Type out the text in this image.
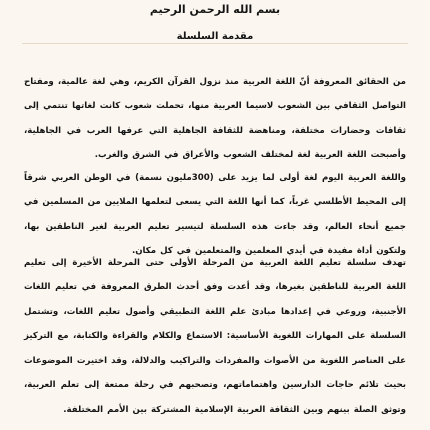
بسم الله الرحمن الرحيم
مقدمة السلسلة

من الحقائق المعروفة أنّ اللغة العربية منذ نزول القرآن الكريم، وهي لغة عالمية، ومفتاح التواصل الثقافي بين الشعوب لاسيما العربية منها، تحملت شعوب كانت لغاتها تنتمي إلى ثقافات وحضارات مختلفة، ومناهضة للثقافة الجاهلية التي عرفها العرب في الجاهلية، وأصبحت اللغة العربية لغة لمختلف الشعوب والأعراق في الشرق والغرب.

واللغة العربية اليوم لغة أولى لما يزيد على (300مليون نسمة) في الوطن العربي شرقاً إلى المحيط الأطلسي غرباً، كما أنها اللغة التي يسعى لتعلمها الملايين من المسلمين في جميع أنحاء العالم، وقد جاءت هذه السلسلة لتيسير تعليم العربية لغير الناطقين بها، ولتكون أداة مفيدة في أيدي المعلمين والمتعلمين في كل مكان.

تهدف سلسلة تعليم اللغة العربية من المرحلة الأولى حتى المرحلة الأخيرة إلى تعليم اللغة العربية للناطقين بغيرها، وقد أعدت وفق أحدث الطرق المعروفة في تعليم اللغات الأجنبية، وروعي في إعدادها مبادئ علم اللغة التطبيقي وأصول تعليم اللغات، وتشتمل السلسلة على المهارات اللغوية الأساسية: الاستماع والكلام والقراءة والكتابة، مع التركيز على العناصر اللغوية من الأصوات والمفردات والتراكيب والدلالة، وقد اختيرت الموضوعات بحيث تلائم حاجات الدارسين واهتماماتهم، وتصحبهم في رحلة ممتعة إلى تعلم العربية، وتوثق الصلة بينهم وبين الثقافة العربية الإسلامية المشتركة بين الأمم المختلفة.
